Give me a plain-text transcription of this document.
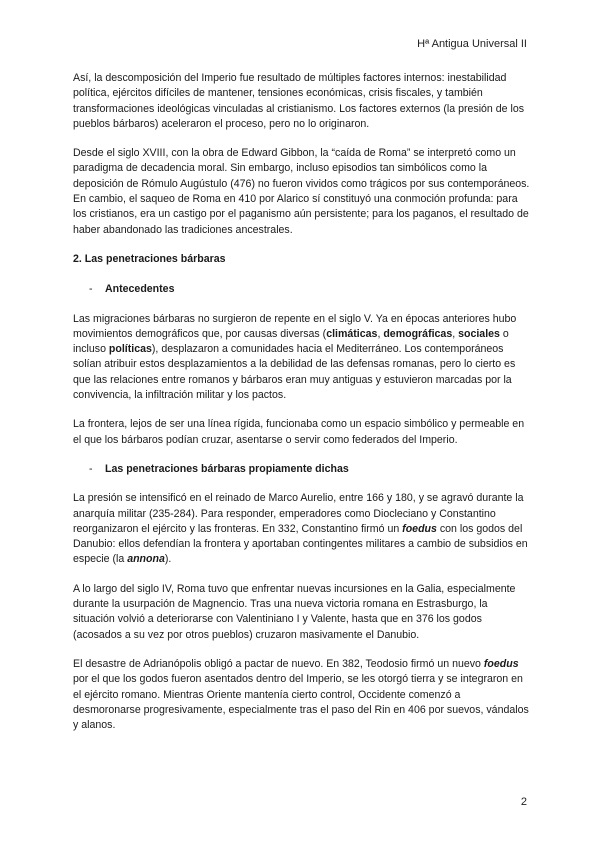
Hª Antigua Universal II

Así, la descomposición del Imperio fue resultado de múltiples factores internos: inestabilidad política, ejércitos difíciles de mantener, tensiones económicas, crisis fiscales, y también transformaciones ideológicas vinculadas al cristianismo. Los factores externos (la presión de los pueblos bárbaros) aceleraron el proceso, pero no lo originaron.

Desde el siglo XVIII, con la obra de Edward Gibbon, la “caída de Roma” se interpretó como un paradigma de decadencia moral. Sin embargo, incluso episodios tan simbólicos como la deposición de Rómulo Augústulo (476) no fueron vividos como trágicos por sus contemporáneos. En cambio, el saqueo de Roma en 410 por Alarico sí constituyó una conmoción profunda: para los cristianos, era un castigo por el paganismo aún persistente; para los paganos, el resultado de haber abandonado las tradiciones ancestrales.

2. Las penetraciones bárbaras
-	Antecedentes

Las migraciones bárbaras no surgieron de repente en el siglo V. Ya en épocas anteriores hubo movimientos demográficos que, por causas diversas (climáticas, demográficas, sociales o incluso políticas), desplazaron a comunidades hacia el Mediterráneo. Los contemporáneos solían atribuir estos desplazamientos a la debilidad de las defensas romanas, pero lo cierto es que las relaciones entre romanos y bárbaros eran muy antiguas y estuvieron marcadas por la convivencia, la infiltración militar y los pactos.

La frontera, lejos de ser una línea rígida, funcionaba como un espacio simbólico y permeable en el que los bárbaros podían cruzar, asentarse o servir como federados del Imperio.

-	Las penetraciones bárbaras propiamente dichas

La presión se intensificó en el reinado de Marco Aurelio, entre 166 y 180, y se agravó durante la anarquía militar (235-284). Para responder, emperadores como Diocleciano y Constantino reorganizaron el ejército y las fronteras. En 332, Constantino firmó un foedus con los godos del Danubio: ellos defendían la frontera y aportaban contingentes militares a cambio de subsidios en especie (la annona).

A lo largo del siglo IV, Roma tuvo que enfrentar nuevas incursiones en la Galia, especialmente durante la usurpación de Magnencio. Tras una nueva victoria romana en Estrasburgo, la situación volvió a deteriorarse con Valentiniano I y Valente, hasta que en 376 los godos (acosados a su vez por otros pueblos) cruzaron masivamente el Danubio.

El desastre de Adrianópolis obligó a pactar de nuevo. En 382, Teodosio firmó un nuevo foedus por el que los godos fueron asentados dentro del Imperio, se les otorgó tierra y se integraron en el ejército romano. Mientras Oriente mantenía cierto control, Occidente comenzó a desmoronarse progresivamente, especialmente tras el paso del Rin en 406 por suevos, vándalos y alanos.

2
